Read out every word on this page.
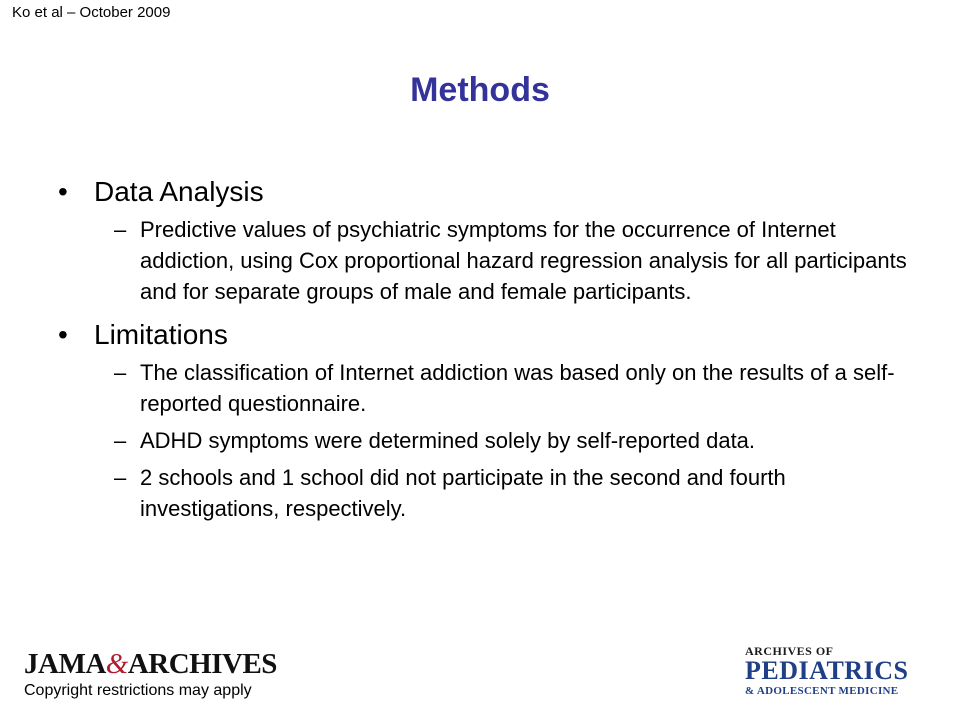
Ko et al – October 2009
Methods
• Data Analysis
– Predictive values of psychiatric symptoms for the occurrence of Internet addiction, using Cox proportional hazard regression analysis for all participants and for separate groups of male and female participants.
• Limitations
– The classification of Internet addiction was based only on the results of a self-reported questionnaire.
– ADHD symptoms were determined solely by self-reported data.
– 2 schools and 1 school did not participate in the second and fourth investigations, respectively.
JAMA&ARCHIVES
Copyright restrictions may apply
ARCHIVES OF
PEDIATRICS
& ADOLESCENT MEDICINE
